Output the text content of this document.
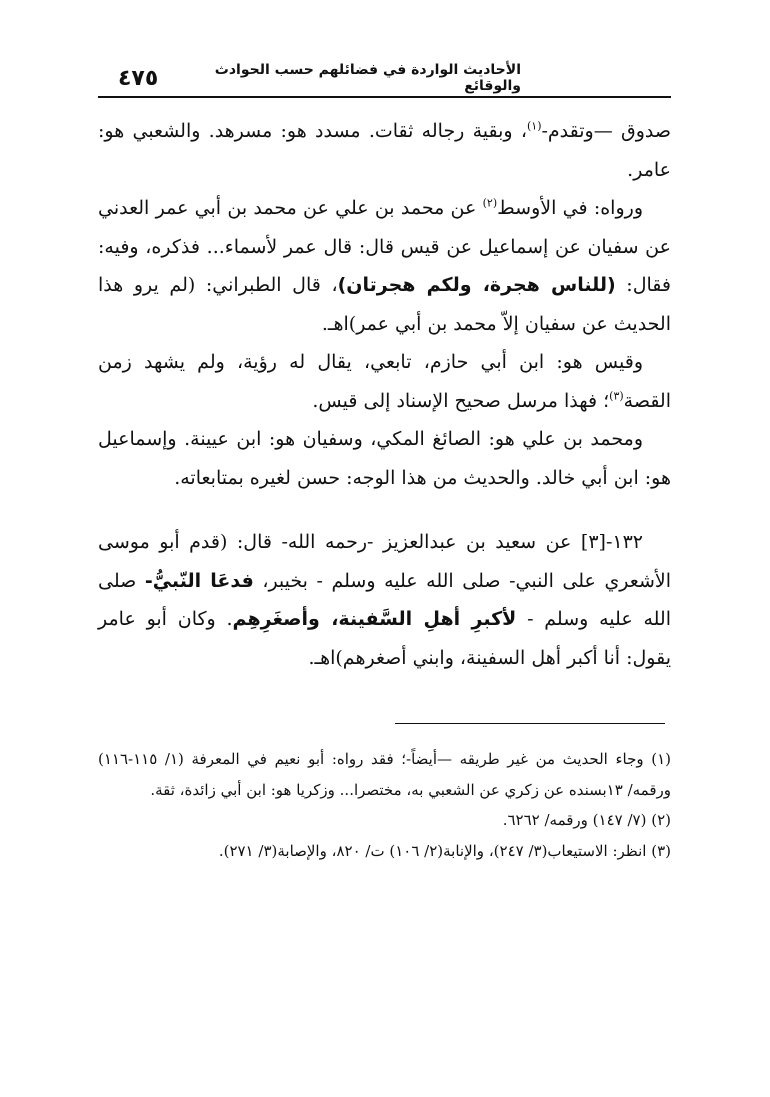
الأحاديث الواردة في فضائلهم حسب الحوادث والوقائع
٤٧٥

صدوق —وتقدم-$^{(١)}$، وبقية رجاله ثقات. مسدد هو: مسرهد. والشعبي هو: عامر.

ورواه: في الأوسط$^{(٢)}$ عن محمد بن علي عن محمد بن أبي عمر العدني عن سفيان عن إسماعيل عن قيس قال: قال عمر لأسماء... فذكره، وفيه: فقال: (للناس هجرة، ولكم هجرتان)، قال الطبراني: (لم يرو هذا الحديث عن سفيان إلاّ محمد بن أبي عمر)اهـ.

وقيس هو: ابن أبي حازم، تابعي، يقال له رؤية، ولم يشهد زمن القصة$^{(٣)}$؛ فهذا مرسل صحيح الإسناد إلى قيس.

ومحمد بن علي هو: الصائغ المكي، وسفيان هو: ابن عيينة. وإسماعيل هو: ابن أبي خالد. والحديث من هذا الوجه: حسن لغيره بمتابعاته.

١٣٢-[٣] عن سعيد بن عبدالعزيز -رحمه الله- قال: (قدم أبو موسى الأشعري على النبي- صلى الله عليه وسلم - بخيبر، فدعَا النّبيُّ- صلى الله عليه وسلم - لأكبرِ أهلِ السَّفينة، وأصغَرِهِم. وكان أبو عامر يقول: أنا أكبر أهل السفينة، وابني أصغرهم)اهـ.

(١) وجاء الحديث من غير طريقه —أيضاً-؛ فقد رواه: أبو نعيم في المعرفة (١/ ١١٥-١١٦) ورقمه/ ١٣بسنده عن زكري عن الشعبي به، مختصرا... وزكريا هو: ابن أبي زائدة، ثقة.

(٢) (٧/ ١٤٧) ورقمه/ ٦٢٦٢.

(٣) انظر: الاستيعاب(٣/ ٢٤٧)، والإنابة(٢/ ١٠٦) ت/ ٨٢٠، والإصابة(٣/ ٢٧١).
